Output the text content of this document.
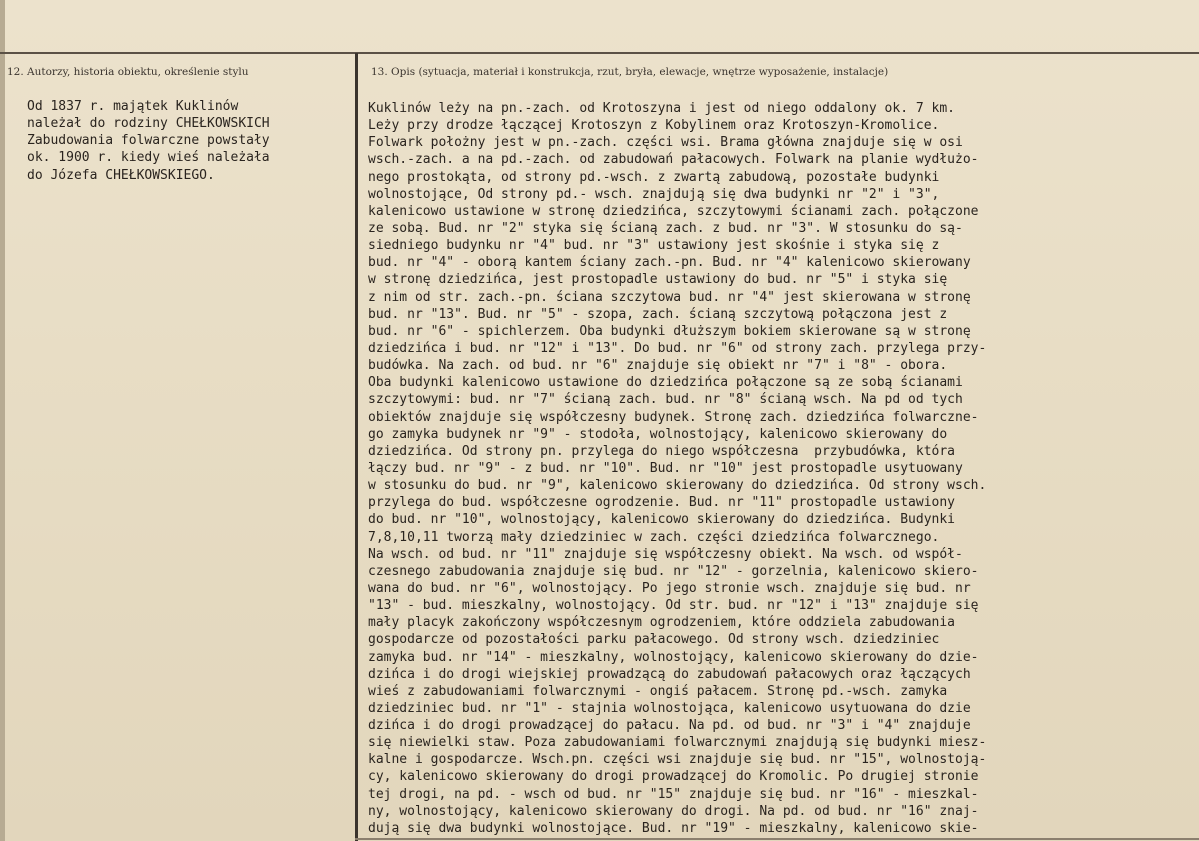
12. Autorzy, historia obiektu, określenie stylu	13. Opis (sytuacja, materiał i konstrukcja, rzut, bryła, elewacje, wnętrze wyposażenie, instalacje)
Od 1837 r. majątek Kuklinów
należał do rodziny CHEŁKOWSKICH
Zabudowania folwarczne powstały
ok. 1900 r. kiedy wieś należała
do Józefa CHEŁKOWSKIEGO.
Kuklinów leży na pn.-zach. od Krotoszyna i jest od niego oddalony ok. 7 km.
Leży przy drodze łączącej Krotoszyn z Kobylinem oraz Krotoszyn-Kromolice.
Folwark położny jest w pn.-zach. części wsi. Brama główna znajduje się w osi
wsch.-zach. a na pd.-zach. od zabudowań pałacowych. Folwark na planie wydłużo-
nego prostokąta, od strony pd.-wsch. z zwartą zabudową, pozostałe budynki
wolnostojące, Od strony pd.- wsch. znajdują się dwa budynki nr "2" i "3",
kalenicowo ustawione w stronę dziedzińca, szczytowymi ścianami zach. połączone
ze sobą. Bud. nr "2" styka się ścianą zach. z bud. nr "3". W stosunku do są-
siedniego budynku nr "4" bud. nr "3" ustawiony jest skośnie i styka się z
bud. nr "4" - oborą kantem ściany zach.-pn. Bud. nr "4" kalenicowo skierowany
w stronę dziedzińca, jest prostopadle ustawiony do bud. nr "5" i styka się
z nim od str. zach.-pn. ściana szczytowa bud. nr "4" jest skierowana w stronę
bud. nr "13". Bud. nr "5" - szopa, zach. ścianą szczytową połączona jest z
bud. nr "6" - spichlerzem. Oba budynki dłuższym bokiem skierowane są w stronę
dziedzińca i bud. nr "12" i "13". Do bud. nr "6" od strony zach. przylega przy-
budówka. Na zach. od bud. nr "6" znajduje się obiekt nr "7" i "8" - obora.
Oba budynki kalenicowo ustawione do dziedzińca połączone są ze sobą ścianami
szczytowymi: bud. nr "7" ścianą zach. bud. nr "8" ścianą wsch. Na pd od tych
obiektów znajduje się współczesny budynek. Stronę zach. dziedzińca folwarczne-
go zamyka budynek nr "9" - stodoła, wolnostojący, kalenicowo skierowany do
dziedzińca. Od strony pn. przylega do niego współczesna  przybudówka, która
łączy bud. nr "9" - z bud. nr "10". Bud. nr "10" jest prostopadle usytuowany
w stosunku do bud. nr "9", kalenicowo skierowany do dziedzińca. Od strony wsch.
przylega do bud. współczesne ogrodzenie. Bud. nr "11" prostopadle ustawiony
do bud. nr "10", wolnostojący, kalenicowo skierowany do dziedzińca. Budynki
7,8,10,11 tworzą mały dziedziniec w zach. części dziedzińca folwarcznego.
Na wsch. od bud. nr "11" znajduje się współczesny obiekt. Na wsch. od współ-
czesnego zabudowania znajduje się bud. nr "12" - gorzelnia, kalenicowo skiero-
wana do bud. nr "6", wolnostojący. Po jego stronie wsch. znajduje się bud. nr
"13" - bud. mieszkalny, wolnostojący. Od str. bud. nr "12" i "13" znajduje się
mały placyk zakończony współczesnym ogrodzeniem, które oddziela zabudowania
gospodarcze od pozostałości parku pałacowego. Od strony wsch. dziedziniec
zamyka bud. nr "14" - mieszkalny, wolnostojący, kalenicowo skierowany do dzie-
dzińca i do drogi wiejskiej prowadzącą do zabudowań pałacowych oraz łączących
wieś z zabudowaniami folwarcznymi - ongiś pałacem. Stronę pd.-wsch. zamyka
dziedziniec bud. nr "1" - stajnia wolnostojąca, kalenicowo usytuowana do dzie
dzińca i do drogi prowadzącej do pałacu. Na pd. od bud. nr "3" i "4" znajduje
się niewielki staw. Poza zabudowaniami folwarcznymi znajdują się budynki miesz-
kalne i gospodarcze. Wsch.pn. części wsi znajduje się bud. nr "15", wolnostoją-
cy, kalenicowo skierowany do drogi prowadzącej do Kromolic. Po drugiej stronie
tej drogi, na pd. - wsch od bud. nr "15" znajduje się bud. nr "16" - mieszkal-
ny, wolnostojący, kalenicowo skierowany do drogi. Na pd. od bud. nr "16" znaj-
dują się dwa budynki wolnostojące. Bud. nr "19" - mieszkalny, kalenicowo skie-
